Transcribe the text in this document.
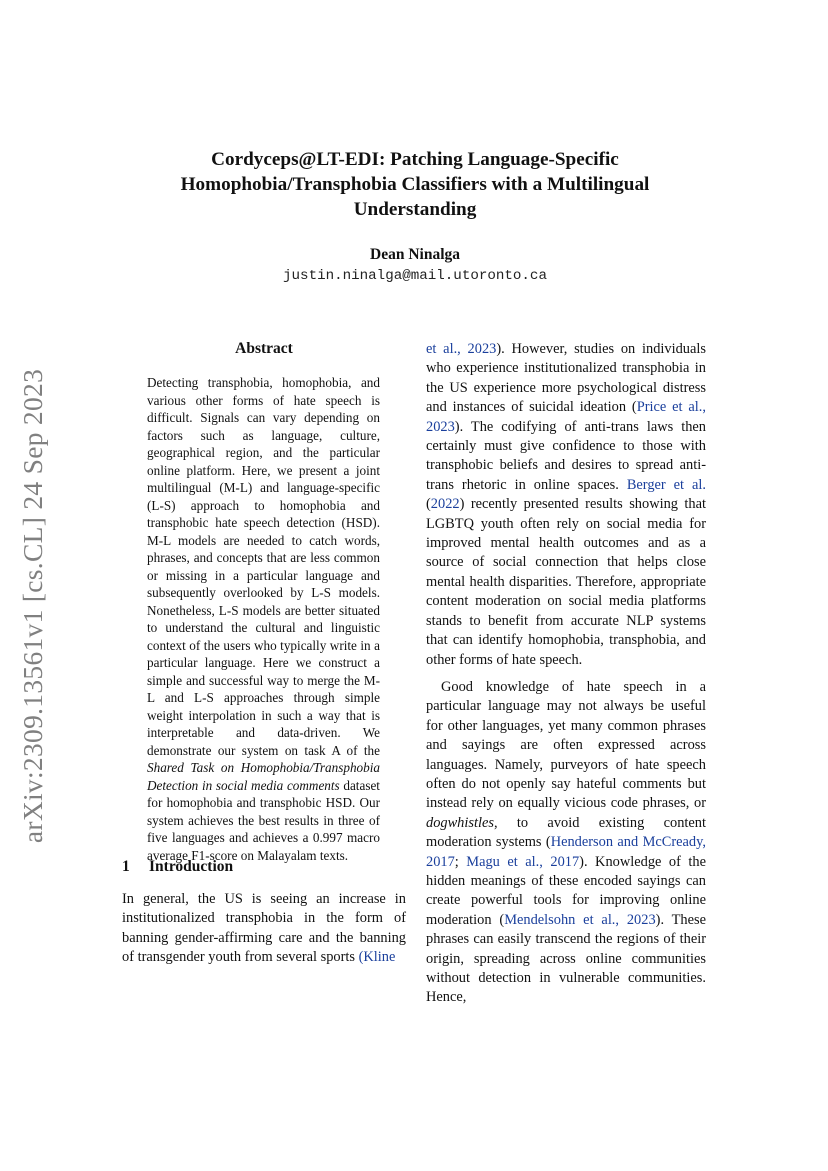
arXiv:2309.13561v1 [cs.CL] 24 Sep 2023
Cordyceps@LT-EDI: Patching Language-Specific Homophobia/Transphobia Classifiers with a Multilingual Understanding
Dean Ninalga
justin.ninalga@mail.utoronto.ca
Abstract
Detecting transphobia, homophobia, and various other forms of hate speech is difficult. Signals can vary depending on factors such as language, culture, geographical region, and the particular online platform. Here, we present a joint multilingual (M-L) and language-specific (L-S) approach to homophobia and transphobic hate speech detection (HSD). M-L models are needed to catch words, phrases, and concepts that are less common or missing in a particular language and subsequently overlooked by L-S models. Nonetheless, L-S models are better situated to understand the cultural and linguistic context of the users who typically write in a particular language. Here we construct a simple and successful way to merge the M-L and L-S approaches through simple weight interpolation in such a way that is interpretable and data-driven. We demonstrate our system on task A of the Shared Task on Homophobia/Transphobia Detection in social media comments dataset for homophobia and transphobic HSD. Our system achieves the best results in three of five languages and achieves a 0.997 macro average F1-score on Malayalam texts.
1 Introduction
In general, the US is seeing an increase in institutionalized transphobia in the form of banning gender-affirming care and the banning of transgender youth from several sports (Kline

et al., 2023). However, studies on individuals who experience institutionalized transphobia in the US experience more psychological distress and instances of suicidal ideation (Price et al., 2023). The codifying of anti-trans laws then certainly must give confidence to those with transphobic beliefs and desires to spread anti-trans rhetoric in online spaces. Berger et al. (2022) recently presented results showing that LGBTQ youth often rely on social media for improved mental health outcomes and as a source of social connection that helps close mental health disparities. Therefore, appropriate content moderation on social media platforms stands to benefit from accurate NLP systems that can identify homophobia, transphobia, and other forms of hate speech.

Good knowledge of hate speech in a particular language may not always be useful for other languages, yet many common phrases and sayings are often expressed across languages. Namely, purveyors of hate speech often do not openly say hateful comments but instead rely on equally vicious code phrases, or dogwhistles, to avoid existing content moderation systems (Henderson and McCready, 2017; Magu et al., 2017). Knowledge of the hidden meanings of these encoded sayings can create powerful tools for improving online moderation (Mendelsohn et al., 2023). These phrases can easily transcend the regions of their origin, spreading across online communities without detection in vulnerable communities. Hence,
